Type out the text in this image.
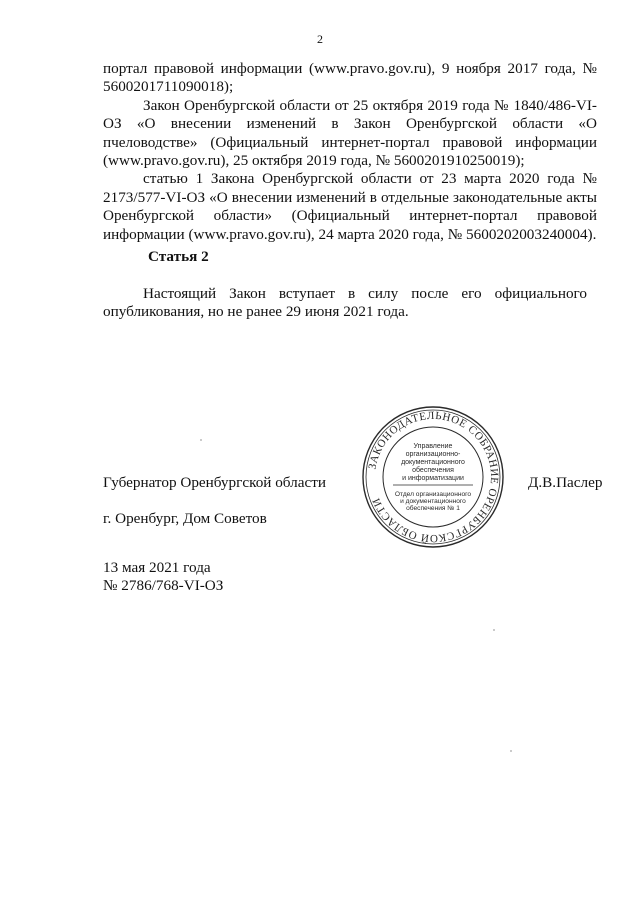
2

портал правовой информации (www.pravo.gov.ru), 9 ноября 2017 года, № 5600201711090018);

Закон Оренбургской области от 25 октября 2019 года № 1840/486-VI-ОЗ «О внесении изменений в Закон Оренбургской области «О пчеловодстве» (Официальный интернет-портал правовой информации (www.pravo.gov.ru), 25 октября 2019 года, № 5600201910250019);

статью 1 Закона Оренбургской области от 23 марта 2020 года № 2173/577-VI-ОЗ «О внесении изменений в отдельные законодательные акты Оренбургской области» (Официальный интернет-портал правовой информации (www.pravo.gov.ru), 24 марта 2020 года, № 5600202003240004).

Статья 2

Настоящий Закон вступает в силу после его официального опубликования, но не ранее 29 июня 2021 года.

Губернатор Оренбургской области	Д.В.Паслер
г. Оренбург, Дом Советов
13 мая 2021 года
№ 2786/768-VI-ОЗ
ЗАКОНОДАТЕЛЬНОЕ СОБРАНИЕ ОРЕНБУРГСКОЙ ОБЛАСТИ
Управление
организационно-
документационного
обеспечения
и информатизации
Отдел организационного
и документационного
обеспечения № 1
